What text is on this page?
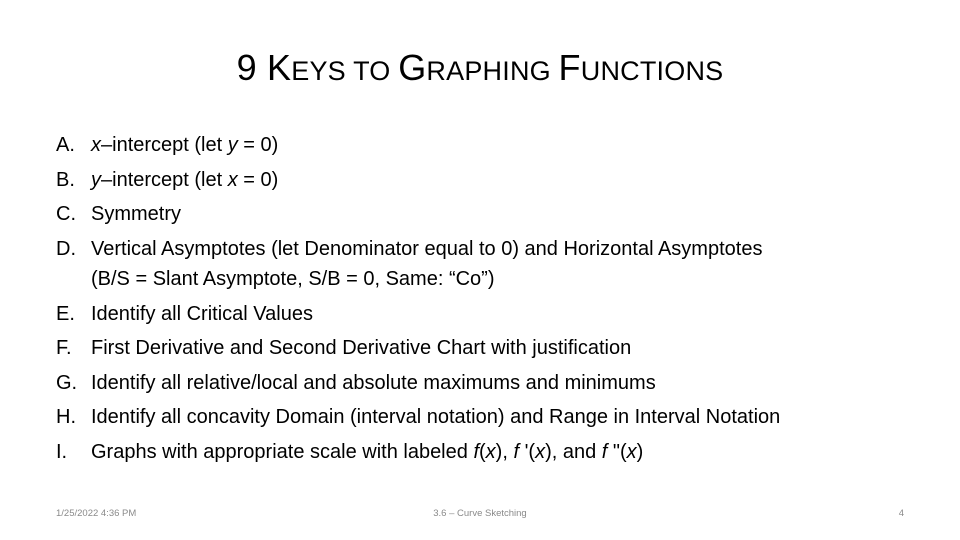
9 KEYS TO GRAPHING FUNCTIONS
A. x–intercept (let y = 0)
B. y–intercept (let x = 0)
C. Symmetry
D. Vertical Asymptotes (let Denominator equal to 0) and Horizontal Asymptotes
(B/S = Slant Asymptote, S/B = 0, Same: “Co”)
E. Identify all Critical Values
F. First Derivative and Second Derivative Chart with justification
G. Identify all relative/local and absolute maximums and minimums
H. Identify all concavity Domain (interval notation) and Range in Interval Notation
I.	Graphs with appropriate scale with labeled f(x), f '(x), and f "(x)
1/25/2022 4:36 PM	3.6 – Curve Sketching	4
